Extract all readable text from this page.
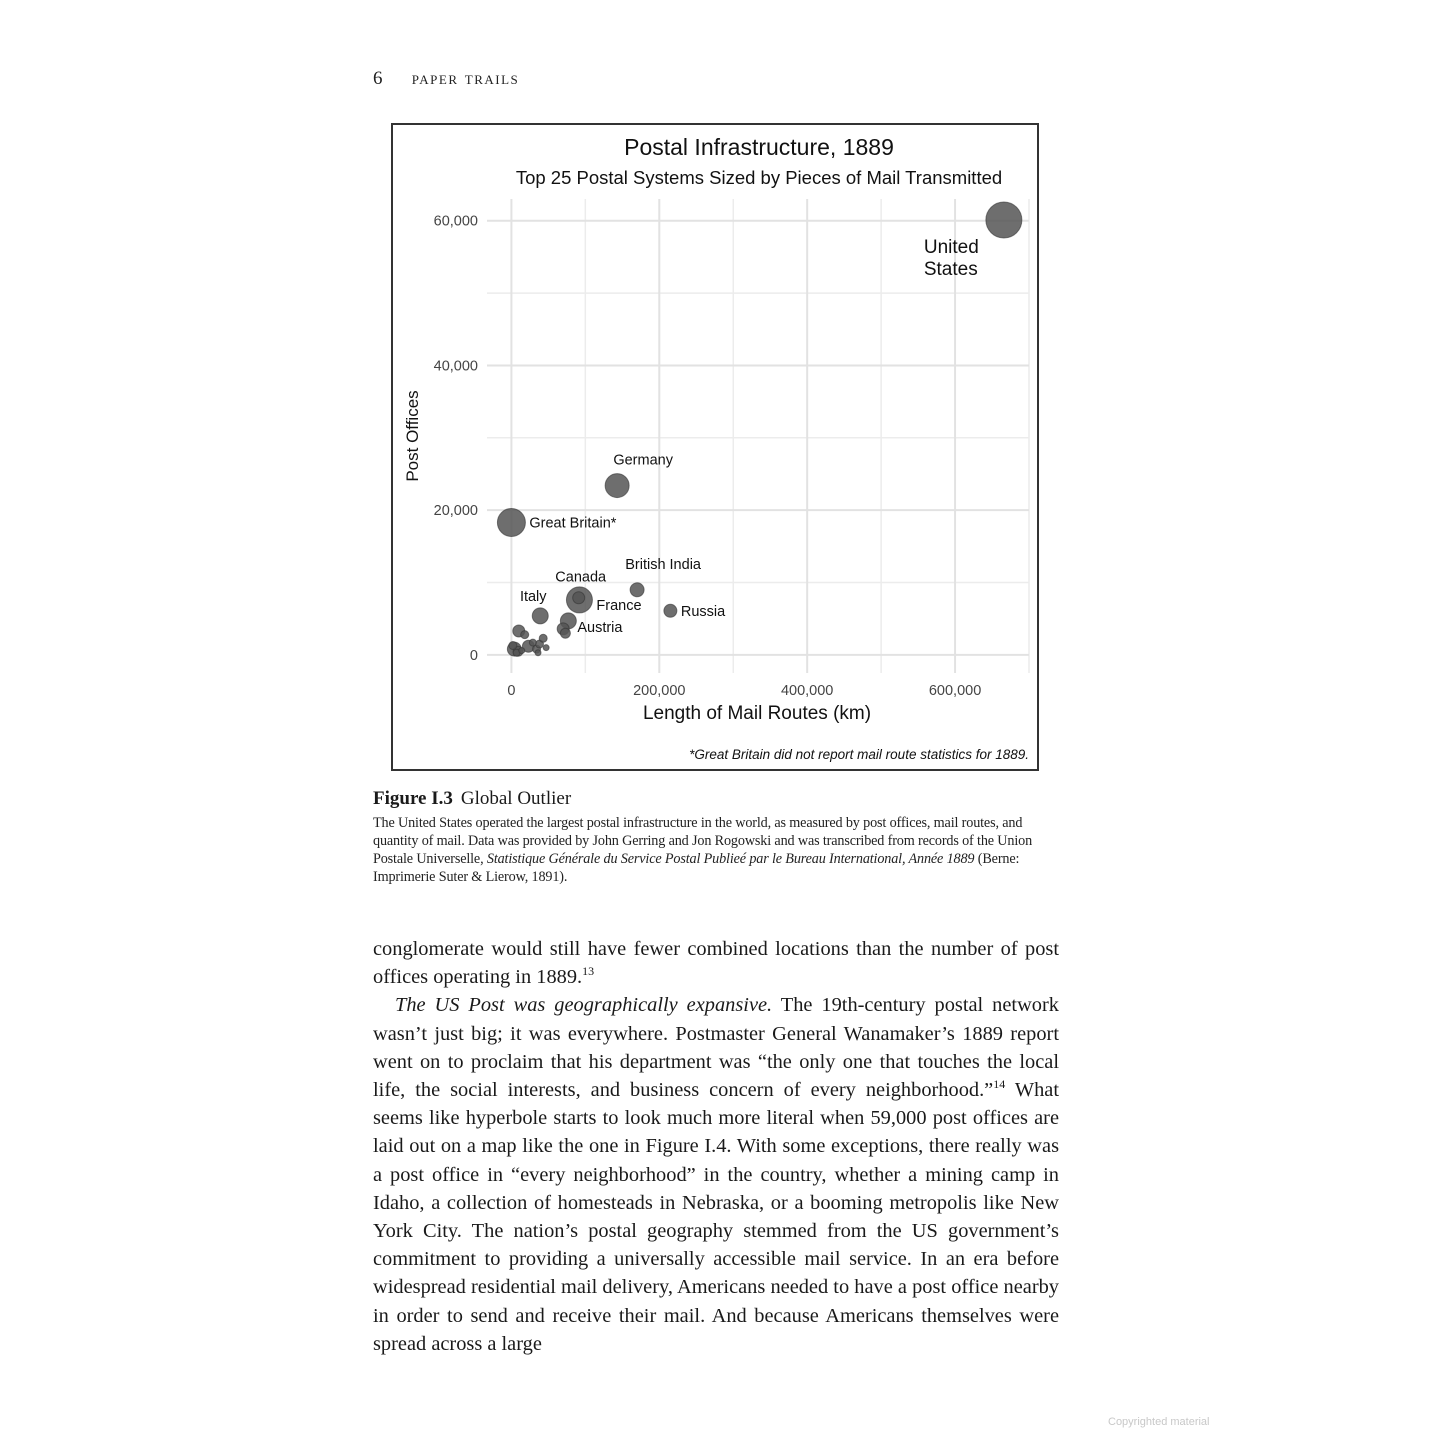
6 paper trails
Postal Infrastructure, 1889
Top 25 Postal Systems Sized by Pieces of Mail Transmitted
0	200,000	400,000	600,000
0
20,000
40,000
60,000
Length of Mail Routes (km)
Post Offices
United States
Germany
Great Britain*
British India
Russia
France
Canada
Italy
Austria
*Great Britain did not report mail route statistics for 1889.
Figure I.3 Global Outlier
The United States operated the largest postal infrastructure in the world, as measured by post offices, mail routes, and quantity of mail. Data was provided by John Gerring and Jon Rogowski and was transcribed from records of the Union Postale Universelle, Statistique Générale du Service Postal Publieé par le Bureau International, Année 1889 (Berne: Imprimerie Suter & Lierow, 1891).

conglomerate would still have fewer combined locations than the number of post offices operating in 1889.13

The US Post was geographically expansive. The 19th-century postal network wasn’t just big; it was everywhere. Postmaster General Wanamaker’s 1889 report went on to proclaim that his department was “the only one that touches the local life, the social interests, and business concern of every neighborhood.”$^{14}$ What seems like hyperbole starts to look much more literal when 59,000 post offices are laid out on a map like the one in Figure I.4. With some exceptions, there really was a post office in “every neighborhood” in the country, whether a mining camp in Idaho, a collection of homesteads in Nebraska, or a booming metropolis like New York City. The nation’s postal geography stemmed from the US government’s commitment to providing a universally accessible mail service. In an era before widespread residential mail delivery, Americans needed to have a post office nearby in order to send and receive their mail. And because Americans themselves were spread across a large

Copyrighted material
